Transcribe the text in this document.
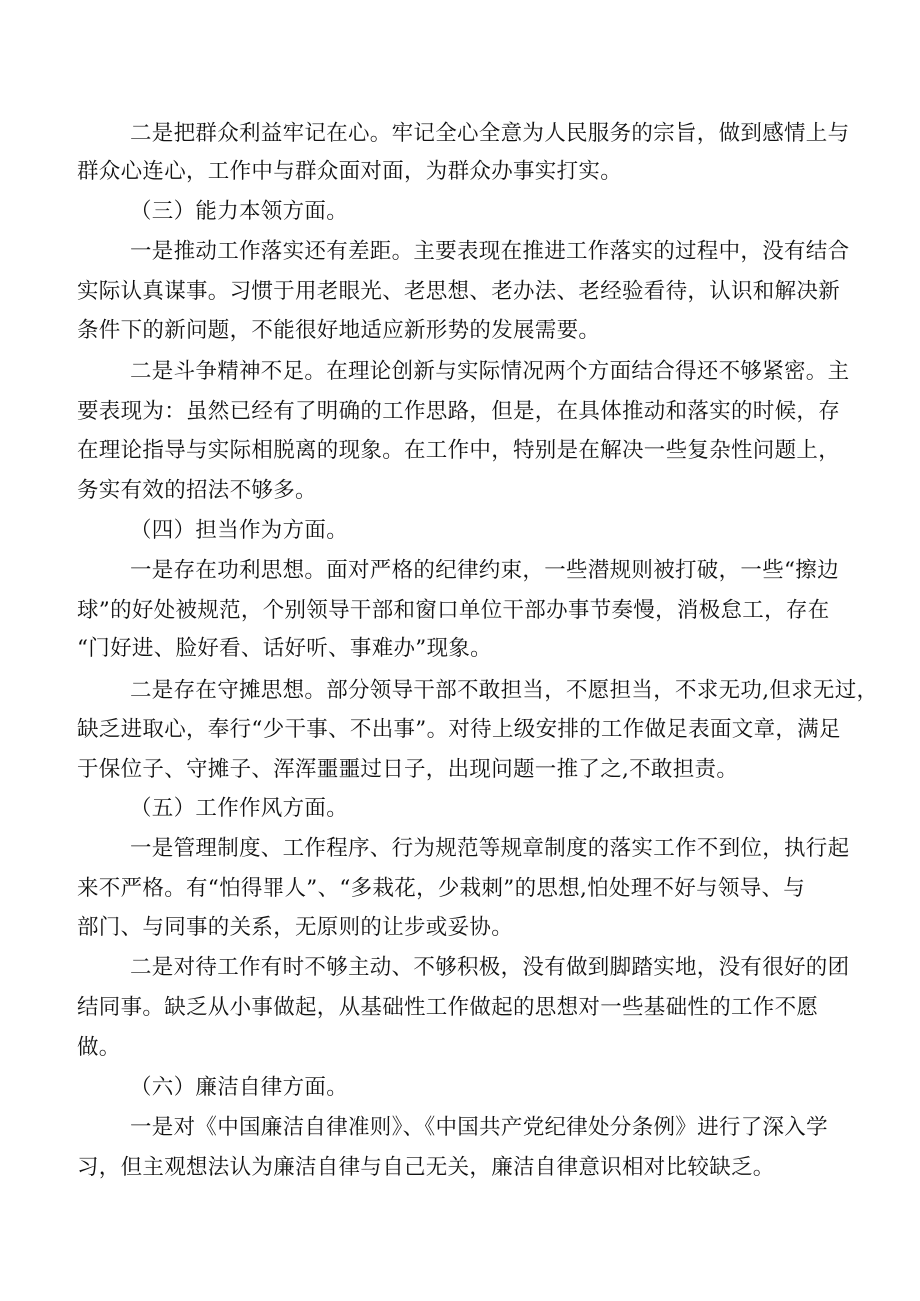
二是把群众利益牢记在心。牢记全心全意为人民服务的宗旨，做到感情上与
群众心连心，工作中与群众面对面，为群众办事实打实。
（三）能力本领方面。
一是推动工作落实还有差距。主要表现在推进工作落实的过程中，没有结合
实际认真谋事。习惯于用老眼光、老思想、老办法、老经验看待，认识和解决新
条件下的新问题，不能很好地适应新形势的发展需要。
二是斗争精神不足。在理论创新与实际情况两个方面结合得还不够紧密。主
要表现为：虽然已经有了明确的工作思路，但是，在具体推动和落实的时候，存
在理论指导与实际相脱离的现象。在工作中，特别是在解决一些复杂性问题上，
务实有效的招法不够多。
（四）担当作为方面。
一是存在功利思想。面对严格的纪律约束，一些潜规则被打破，一些“擦边
球”的好处被规范，个别领导干部和窗口单位干部办事节奏慢，消极怠工，存在
“门好进、脸好看、话好听、事难办”现象。
二是存在守摊思想。部分领导干部不敢担当，不愿担当，不求无功,但求无过，
缺乏进取心，奉行“少干事、不出事”。对待上级安排的工作做足表面文章，满足
于保位子、守摊子、浑浑噩噩过日子，出现问题一推了之,不敢担责。
（五）工作作风方面。
一是管理制度、工作程序、行为规范等规章制度的落实工作不到位，执行起
来不严格。有“怕得罪人”、“多栽花，少栽刺”的思想,怕处理不好与领导、与
部门、与同事的关系，无原则的让步或妥协。
二是对待工作有时不够主动、不够积极，没有做到脚踏实地，没有很好的团
结同事。缺乏从小事做起，从基础性工作做起的思想对一些基础性的工作不愿
做。
（六）廉洁自律方面。
一是对《中国廉洁自律准则》、《中国共产党纪律处分条例》进行了深入学
习，但主观想法认为廉洁自律与自己无关，廉洁自律意识相对比较缺乏。
